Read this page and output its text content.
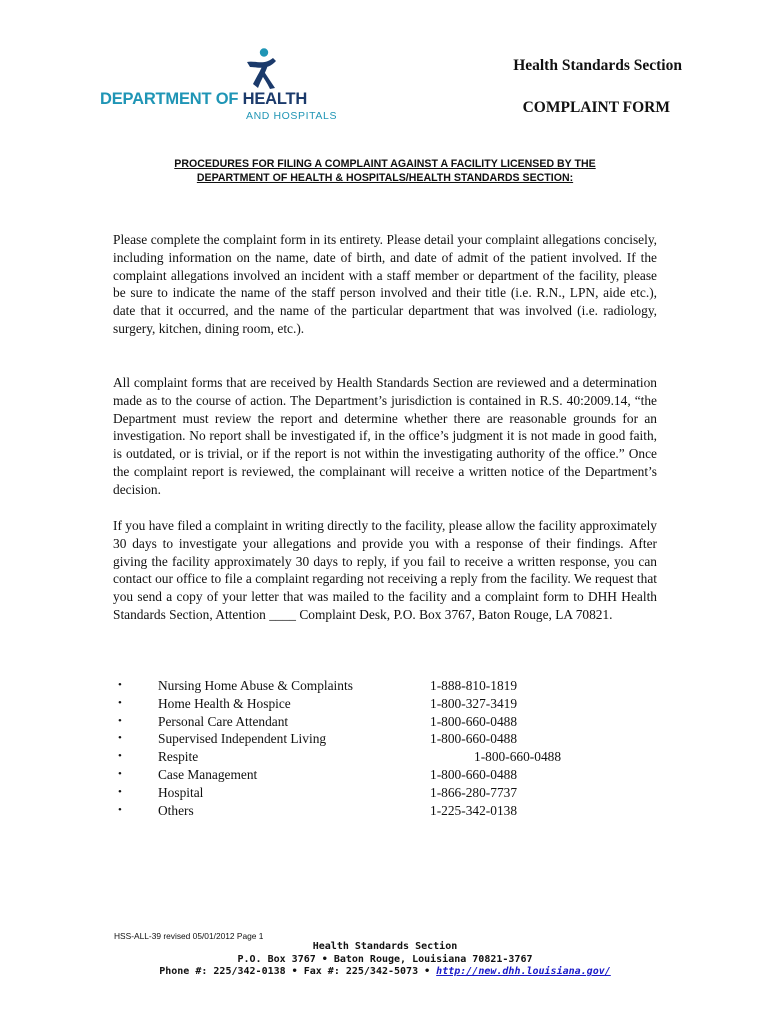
DEPARTMENT OF HEALTH
AND HOSPITALS
Health Standards Section
COMPLAINT FORM
PROCEDURES FOR FILING A COMPLAINT AGAINST A FACILITY LICENSED BY THE
DEPARTMENT OF HEALTH & HOSPITALS/HEALTH STANDARDS SECTION:
Please complete the complaint form in its entirety. Please detail your complaint allegations concisely, including information on the name, date of birth, and date of admit of the patient involved. If the complaint allegations involved an incident with a staff member or department of the facility, please be sure to indicate the name of the staff person involved and their title (i.e. R.N., LPN, aide etc.), date that it occurred, and the name of the particular department that was involved (i.e. radiology, surgery, kitchen, dining room, etc.).
All complaint forms that are received by Health Standards Section are reviewed and a determination made as to the course of action. The Department’s jurisdiction is contained in R.S. 40:2009.14, “the Department must review the report and determine whether there are reasonable grounds for an investigation. No report shall be investigated if, in the office’s judgment it is not made in good faith, is outdated, or is trivial, or if the report is not within the investigating authority of the office.” Once the complaint report is reviewed, the complainant will receive a written notice of the Department’s decision.
If you have filed a complaint in writing directly to the facility, please allow the facility approximately 30 days to investigate your allegations and provide you with a response of their findings. After giving the facility approximately 30 days to reply, if you fail to receive a written response, you can contact our office to file a complaint regarding not receiving a reply from the facility. We request that you send a copy of your letter that was mailed to the facility and a complaint form to DHH Health Standards Section, Attention ____ Complaint Desk, P.O. Box 3767, Baton Rouge, LA 70821.
•	Nursing Home Abuse & Complaints	1-888-810-1819
•	Home Health & Hospice	1-800-327-3419
•	Personal Care Attendant	1-800-660-0488
•	Supervised Independent Living	1-800-660-0488
•	Respite	1-800-660-0488
•	Case Management	1-800-660-0488
•	Hospital	1-866-280-7737
•	Others	1-225-342-0138
HSS-ALL-39 revised 05/01/2012 Page 1
Health Standards Section
P.O. Box 3767 • Baton Rouge, Louisiana 70821-3767
Phone #: 225/342-0138 • Fax #: 225/342-5073 • http://new.dhh.louisiana.gov/
